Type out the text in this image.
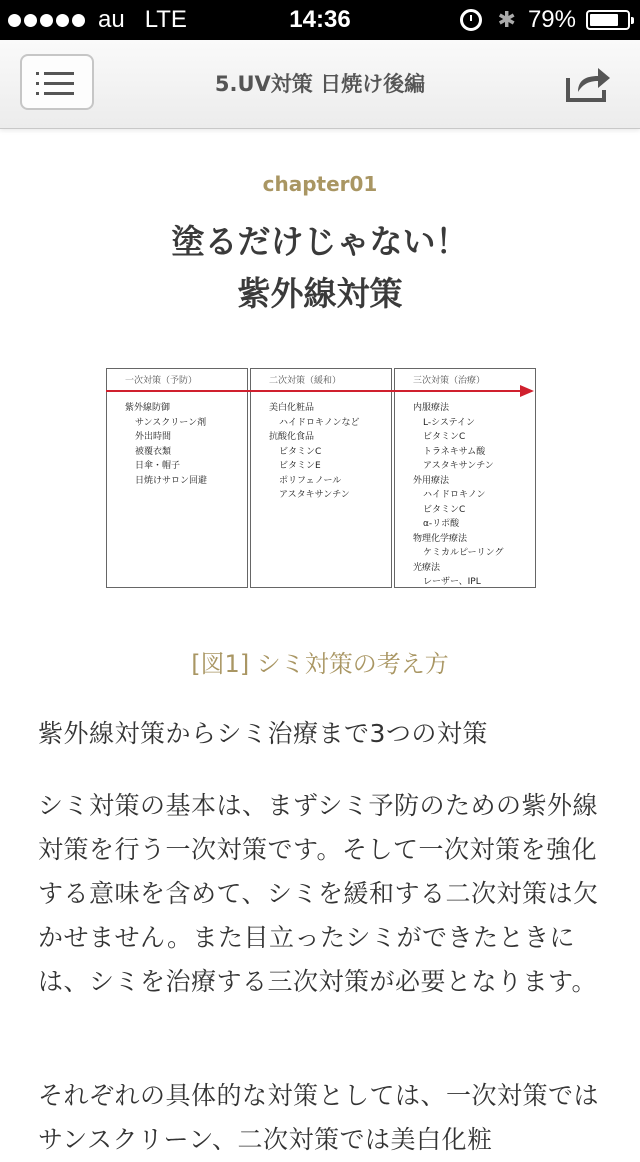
au LTE	14:36	✱ 79%
5.UV対策 日焼け後編
chapter01
塗るだけじゃない！
紫外線対策
一次対策（予防）
紫外線防御
サンスクリーン剤
外出時間
被覆衣類
日傘・帽子
日焼けサロン回避
二次対策（緩和）
美白化粧品
ハイドロキノンなど
抗酸化食品
ビタミンC
ビタミンE
ポリフェノール
アスタキサンチン
三次対策（治療）
内服療法
L-システイン
ビタミンC
トラネキサム酸
アスタキサンチン
外用療法
ハイドロキノン
ビタミンC
α-リポ酸
物理化学療法
ケミカルピーリング
光療法
レーザー、IPL
[図1] シミ対策の考え方
紫外線対策からシミ治療まで3つの対策
シミ対策の基本は、まずシミ予防のための紫外線対策を行う一次対策です。そして一次対策を強化する意味を含めて、シミを緩和する二次対策は欠かせません。また目立ったシミができたときには、シミを治療する三次対策が必要となります。
それぞれの具体的な対策としては、一次対策ではサンスクリーン、二次対策では美白化粧
